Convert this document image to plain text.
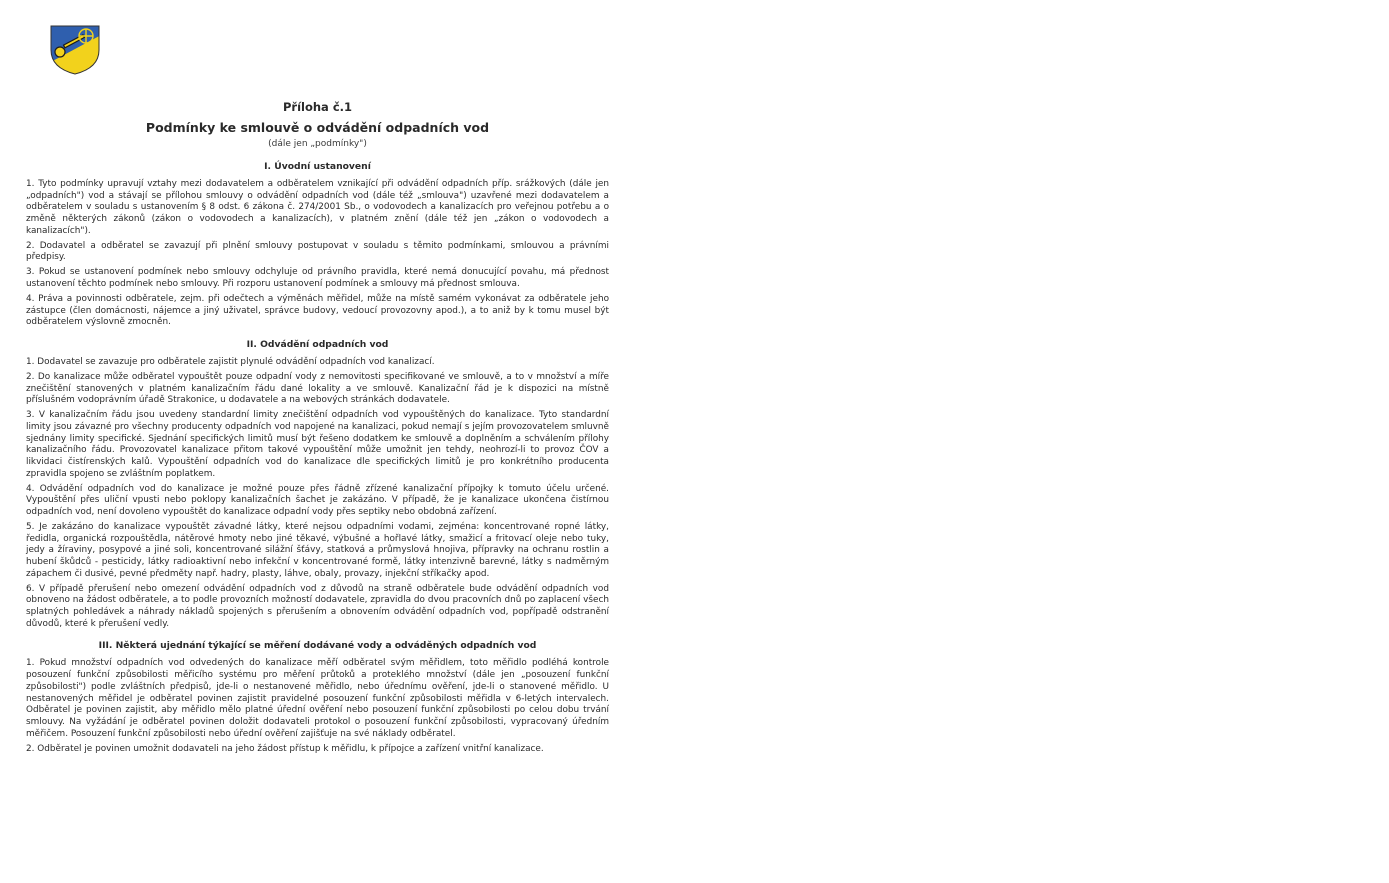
Příloha č.1
Podmínky ke smlouvě o odvádění odpadních vod
(dále jen „podmínky")
I. Úvodní ustanovení

1. Tyto podmínky upravují vztahy mezi dodavatelem a odběratelem vznikající při odvádění odpadních příp. srážkových (dále jen „odpadních") vod a stávají se přílohou smlouvy o odvádění odpadních vod (dále též „smlouva") uzavřené mezi dodavatelem a odběratelem v souladu s ustanovením § 8 odst. 6 zákona č. 274/2001 Sb., o vodovodech a kanalizacích pro veřejnou potřebu a o změně některých zákonů (zákon o vodovodech a kanalizacích), v platném znění (dále též jen „zákon o vodovodech a kanalizacích").

2. Dodavatel a odběratel se zavazují při plnění smlouvy postupovat v souladu s těmito podmínkami, smlouvou a právními předpisy.

3. Pokud se ustanovení podmínek nebo smlouvy odchyluje od právního pravidla, které nemá donucující povahu, má přednost ustanovení těchto podmínek nebo smlouvy. Při rozporu ustanovení podmínek a smlouvy má přednost smlouva.

4. Práva a povinnosti odběratele, zejm. při odečtech a výměnách měřidel, může na místě samém vykonávat za odběratele jeho zástupce (člen domácnosti, nájemce a jiný uživatel, správce budovy, vedoucí provozovny apod.), a to aniž by k tomu musel být odběratelem výslovně zmocněn.

II. Odvádění odpadních vod

1. Dodavatel se zavazuje pro odběratele zajistit plynulé odvádění odpadních vod kanalizací.

2. Do kanalizace může odběratel vypouštět pouze odpadní vody z nemovitosti specifikované ve smlouvě, a to v množství a míře znečištění stanovených v platném kanalizačním řádu dané lokality a ve smlouvě. Kanalizační řád je k dispozici na místně příslušném vodoprávním úřadě Strakonice, u dodavatele a na webových stránkách dodavatele.

3. V kanalizačním řádu jsou uvedeny standardní limity znečištění odpadních vod vypouštěných do kanalizace. Tyto standardní limity jsou závazné pro všechny producenty odpadních vod napojené na kanalizaci, pokud nemají s jejím provozovatelem smluvně sjednány limity specifické. Sjednání specifických limitů musí být řešeno dodatkem ke smlouvě a doplněním a schválením přílohy kanalizačního řádu. Provozovatel kanalizace přitom takové vypouštění může umožnit jen tehdy, neohrozí-li to provoz ČOV a likvidaci čistírenských kalů. Vypouštění odpadních vod do kanalizace dle specifických limitů je pro konkrétního producenta zpravidla spojeno se zvláštním poplatkem.

4. Odvádění odpadních vod do kanalizace je možné pouze přes řádně zřízené kanalizační přípojky k tomuto účelu určené. Vypouštění přes uliční vpusti nebo poklopy kanalizačních šachet je zakázáno. V případě, že je kanalizace ukončena čistírnou odpadních vod, není dovoleno vypouštět do kanalizace odpadní vody přes septiky nebo obdobná zařízení.

5. Je zakázáno do kanalizace vypouštět závadné látky, které nejsou odpadními vodami, zejména: koncentrované ropné látky, ředidla, organická rozpouštědla, nátěrové hmoty nebo jiné těkavé, výbušné a hořlavé látky, smažicí a fritovací oleje nebo tuky, jedy a žíraviny, posypové a jiné soli, koncentrované silážní šťávy, statková a průmyslová hnojiva, přípravky na ochranu rostlin a hubení škůdců - pesticidy, látky radioaktivní nebo infekční v koncentrované formě, látky intenzivně barevné, látky s nadměrným zápachem či dusivé, pevné předměty např. hadry, plasty, láhve, obaly, provazy, injekční stříkačky apod.

6. V případě přerušení nebo omezení odvádění odpadních vod z důvodů na straně odběratele bude odvádění odpadních vod obnoveno na žádost odběratele, a to podle provozních možností dodavatele, zpravidla do dvou pracovních dnů po zaplacení všech splatných pohledávek a náhrady nákladů spojených s přerušením a obnovením odvádění odpadních vod, popřípadě odstranění důvodů, které k přerušení vedly.

III. Některá ujednání týkající se měření dodávané vody a odváděných odpadních vod

1. Pokud množství odpadních vod odvedených do kanalizace měří odběratel svým měřidlem, toto měřidlo podléhá kontrole posouzení funkční způsobilosti měřicího systému pro měření průtoků a proteklého množství (dále jen „posouzení funkční způsobilosti") podle zvláštních předpisů, jde-li o nestanovené měřidlo, nebo úřednímu ověření, jde-li o stanovené měřidlo. U nestanovených měřidel je odběratel povinen zajistit pravidelné posouzení funkční způsobilosti měřidla v 6-letých intervalech. Odběratel je povinen zajistit, aby měřidlo mělo platné úřední ověření nebo posouzení funkční způsobilosti po celou dobu trvání smlouvy. Na vyžádání je odběratel povinen doložit dodavateli protokol o posouzení funkční způsobilosti, vypracovaný úředním měřičem. Posouzení funkční způsobilosti nebo úřední ověření zajišťuje na své náklady odběratel.

2. Odběratel je povinen umožnit dodavateli na jeho žádost přístup k měřidlu, k přípojce a zařízení vnitřní kanalizace.
